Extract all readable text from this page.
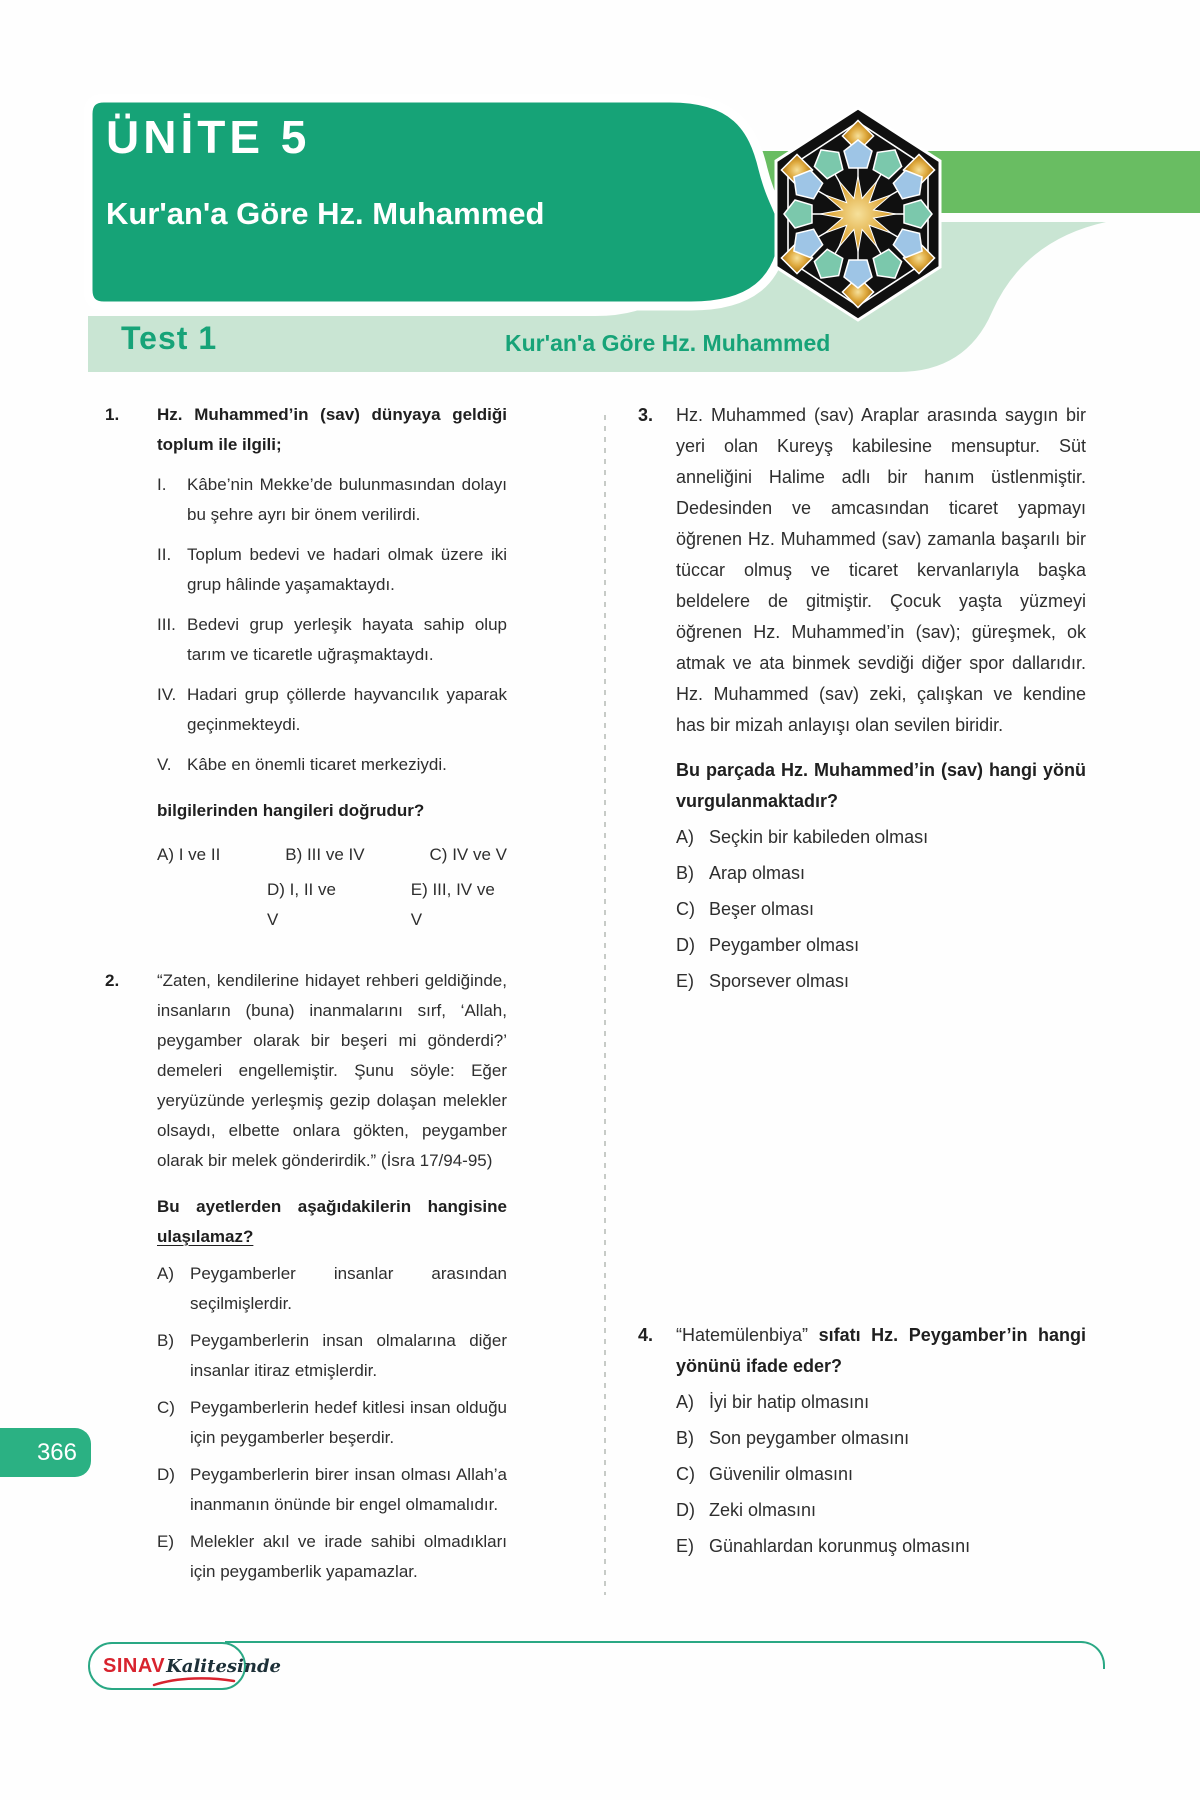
ÜNİTE 5
Kur'an'a Göre Hz. Muhammed
Test 1	Kur'an'a Göre Hz. Muhammed
1.	Hz. Muhammed’in (sav) dünyaya geldiği toplum ile ilgili;

I.	Kâbe’nin Mekke’de bulunmasından dolayı bu şehre ayrı bir önem verilirdi.
II. Toplum bedevi ve hadari olmak üzere iki grup hâlinde yaşamaktaydı.
III. Bedevi grup yerleşik hayata sahip olup tarım ve ticaretle uğraşmaktaydı.
IV. Hadari grup çöllerde hayvancılık yaparak geçinmekteydi.
V. Kâbe en önemli ticaret merkeziydi.

bilgilerinden hangileri doğrudur?

A) I ve II	B) III ve IV	C) IV ve V
D) I, II ve V
E) III, IV ve V
2.	“Zaten, kendilerine hidayet rehberi geldiğinde, insanların (buna) inanmalarını sırf, ‘Allah, peygamber olarak bir beşeri mi gönderdi?’ demeleri engellemiştir. Şunu söyle: Eğer yeryüzünde yerleşmiş gezip dolaşan melekler olsaydı, elbette onlara gökten, peygamber olarak bir melek gönderirdik.” (İsra 17/94-95)

Bu ayetlerden aşağıdakilerin hangisine ulaşılamaz?

A) Peygamberler insanlar arasından seçilmişlerdir.
B) Peygamberlerin insan olmalarına diğer insanlar itiraz etmişlerdir.
C) Peygamberlerin hedef kitlesi insan olduğu için peygamberler beşerdir.
D) Peygamberlerin birer insan olması Allah’a inanmanın önünde bir engel olmamalıdır.
E) Melekler akıl ve irade sahibi olmadıkları için peygamberlik yapamazlar.
3.	Hz. Muhammed (sav) Araplar arasında saygın bir yeri olan Kureyş kabilesine mensuptur. Süt anneliğini Halime adlı bir hanım üstlenmiştir. Dedesinden ve amcasından ticaret yapmayı öğrenen Hz. Muhammed (sav) zamanla başarılı bir tüccar olmuş ve ticaret kervanlarıyla başka beldelere de gitmiştir. Çocuk yaşta yüzmeyi öğrenen Hz. Muhammed’in (sav); güreşmek, ok atmak ve ata binmek sevdiği diğer spor dallarıdır. Hz. Muhammed (sav) zeki, çalışkan ve kendine has bir mizah anlayışı olan sevilen biridir.

Bu parçada Hz. Muhammed’in (sav) hangi yönü vurgulanmaktadır?

A) Seçkin bir kabileden olması
B) Arap olması
C) Beşer olması
D) Peygamber olması
E) Sporsever olması
4.	“Hatemülenbiya” sıfatı Hz. Peygamber’in hangi yönünü ifade eder?

A) İyi bir hatip olmasını
B) Son peygamber olmasını
C) Güvenilir olmasını
D) Zeki olmasını
E) Günahlardan korunmuş olmasını
366
SINAV Kalitesinde
